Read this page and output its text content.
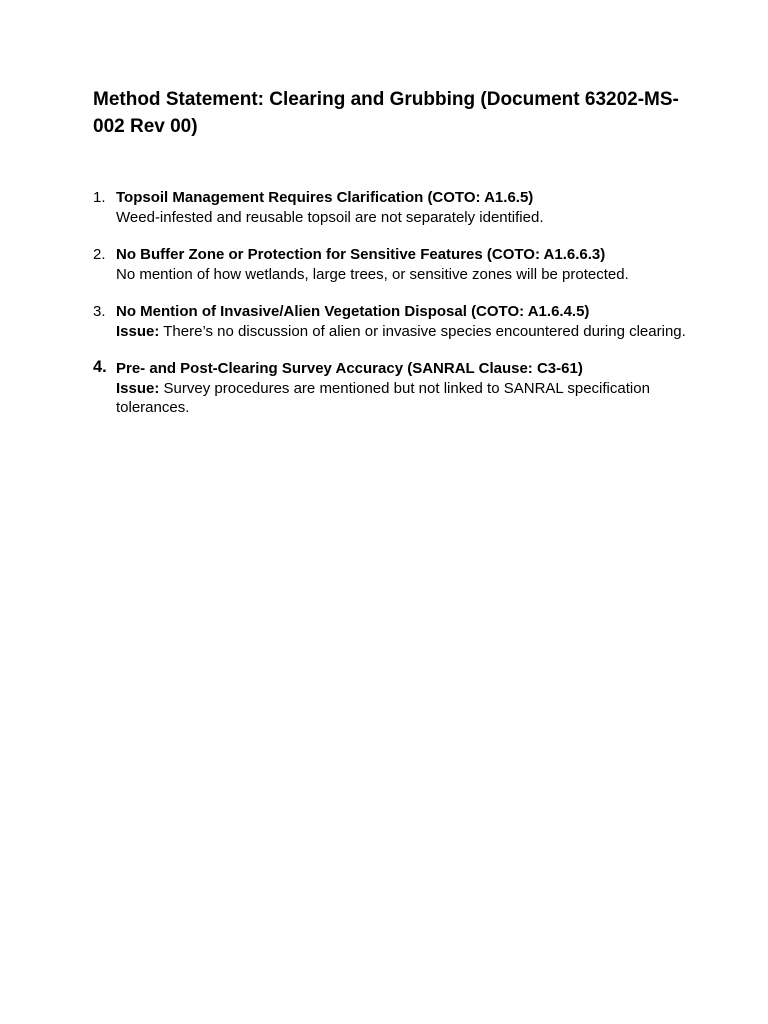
Method Statement: Clearing and Grubbing (Document 63202-MS-002 Rev 00)
1. Topsoil Management Requires Clarification (COTO: A1.6.5)
Weed-infested and reusable topsoil are not separately identified.
2. No Buffer Zone or Protection for Sensitive Features (COTO: A1.6.6.3)
No mention of how wetlands, large trees, or sensitive zones will be protected.
3. No Mention of Invasive/Alien Vegetation Disposal (COTO: A1.6.4.5)
Issue: There’s no discussion of alien or invasive species encountered during clearing.
4. Pre- and Post-Clearing Survey Accuracy (SANRAL Clause: C3-61)
Issue: Survey procedures are mentioned but not linked to SANRAL specification tolerances.
